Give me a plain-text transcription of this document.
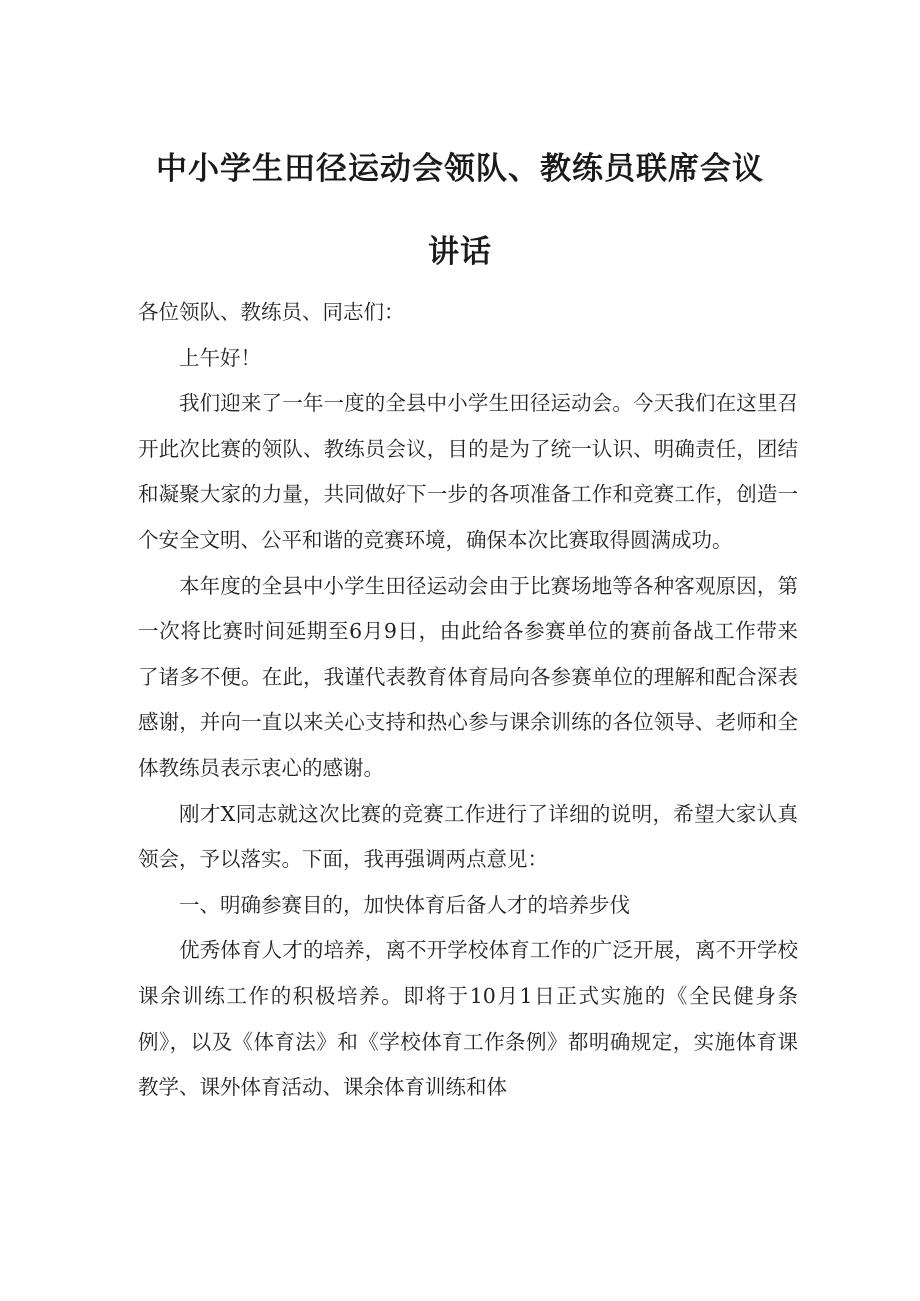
中小学生田径运动会领队、教练员联席会议
讲话

各位领队、教练员、同志们：

上午好！

我们迎来了一年一度的全县中小学生田径运动会。今天我们在这里召开此次比赛的领队、教练员会议，目的是为了统一认识、明确责任，团结和凝聚大家的力量，共同做好下一步的各项准备工作和竞赛工作，创造一个安全文明、公平和谐的竞赛环境，确保本次比赛取得圆满成功。

本年度的全县中小学生田径运动会由于比赛场地等各种客观原因，第一次将比赛时间延期至6月9日，由此给各参赛单位的赛前备战工作带来了诸多不便。在此，我谨代表教育体育局向各参赛单位的理解和配合深表感谢，并向一直以来关心支持和热心参与课余训练的各位领导、老师和全体教练员表示衷心的感谢。

刚才X同志就这次比赛的竞赛工作进行了详细的说明，希望大家认真领会，予以落实。下面，我再强调两点意见：

一、明确参赛目的，加快体育后备人才的培养步伐

优秀体育人才的培养，离不开学校体育工作的广泛开展，离不开学校课余训练工作的积极培养。即将于10月1日正式实施的《全民健身条例》，以及《体育法》和《学校体育工作条例》都明确规定，实施体育课教学、课外体育活动、课余体育训练和体
